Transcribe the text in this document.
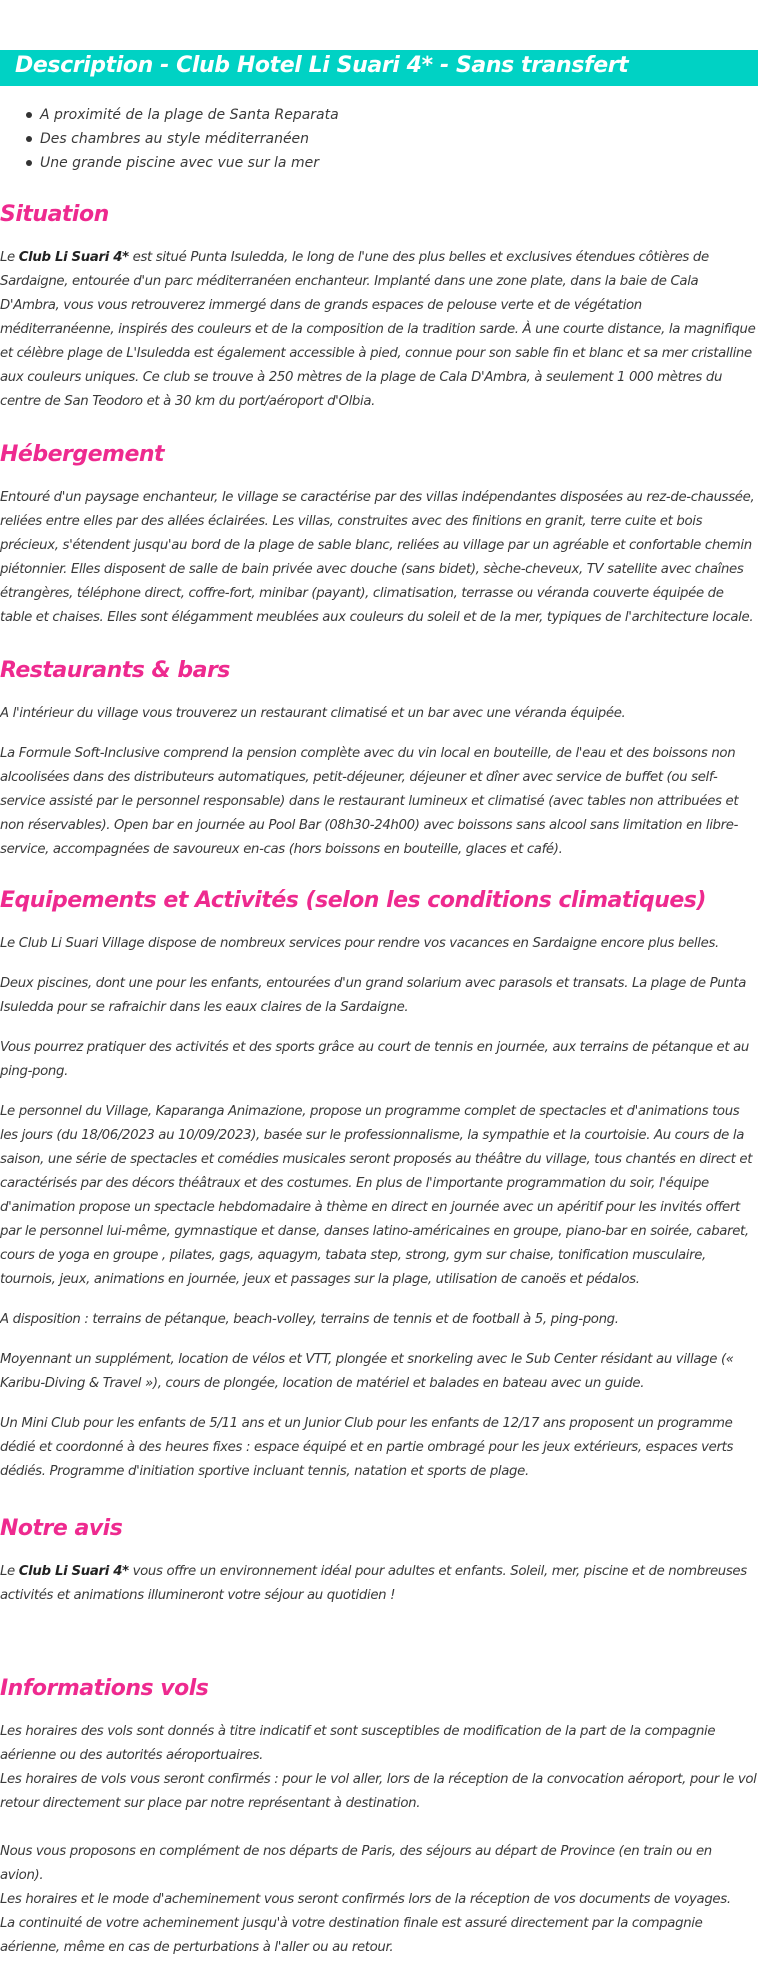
Description - Club Hotel Li Suari 4* - Sans transfert
A proximité de la plage de Santa Reparata
Des chambres au style méditerranéen
Une grande piscine avec vue sur la mer
Situation

Le Club Li Suari 4* est situé Punta Isuledda, le long de l'une des plus belles et exclusives étendues côtières de Sardaigne, entourée d'un parc méditerranéen enchanteur. Implanté dans une zone plate, dans la baie de Cala D'Ambra, vous vous retrouverez immergé dans de grands espaces de pelouse verte et de végétation méditerranéenne, inspirés des couleurs et de la composition de la tradition sarde. À une courte distance, la magnifique et célèbre plage de L'Isuledda est également accessible à pied, connue pour son sable fin et blanc et sa mer cristalline aux couleurs uniques. Ce club se trouve à 250 mètres de la plage de Cala D'Ambra, à seulement 1 000 mètres du centre de San Teodoro et à 30 km du port/aéroport d'Olbia.

Hébergement

Entouré d'un paysage enchanteur, le village se caractérise par des villas indépendantes disposées au rez-de-chaussée, reliées entre elles par des allées éclairées. Les villas, construites avec des finitions en granit, terre cuite et bois précieux, s'étendent jusqu'au bord de la plage de sable blanc, reliées au village par un agréable et confortable chemin piétonnier. Elles disposent de salle de bain privée avec douche (sans bidet), sèche-cheveux, TV satellite avec chaînes étrangères, téléphone direct, coffre-fort, minibar (payant), climatisation, terrasse ou véranda couverte équipée de table et chaises. Elles sont élégamment meublées aux couleurs du soleil et de la mer, typiques de l'architecture locale.

Restaurants & bars

A l'intérieur du village vous trouverez un restaurant climatisé et un bar avec une véranda équipée.

La Formule Soft-Inclusive comprend la pension complète avec du vin local en bouteille, de l'eau et des boissons non alcoolisées dans des distributeurs automatiques, petit-déjeuner, déjeuner et dîner avec service de buffet (ou self-service assisté par le personnel responsable) dans le restaurant lumineux et climatisé (avec tables non attribuées et non réservables). Open bar en journée au Pool Bar (08h30-24h00) avec boissons sans alcool sans limitation en libre-service, accompagnées de savoureux en-cas (hors boissons en bouteille, glaces et café).

Equipements et Activités (selon les conditions climatiques)

Le Club Li Suari Village dispose de nombreux services pour rendre vos vacances en Sardaigne encore plus belles.

Deux piscines, dont une pour les enfants, entourées d'un grand solarium avec parasols et transats. La plage de Punta Isuledda pour se rafraichir dans les eaux claires de la Sardaigne.

Vous pourrez pratiquer des activités et des sports grâce au court de tennis en journée, aux terrains de pétanque et au ping-pong.

Le personnel du Village, Kaparanga Animazione, propose un programme complet de spectacles et d'animations tous les jours (du 18/06/2023 au 10/09/2023), basée sur le professionnalisme, la sympathie et la courtoisie. Au cours de la saison, une série de spectacles et comédies musicales seront proposés au théâtre du village, tous chantés en direct et caractérisés par des décors théâtraux et des costumes. En plus de l'importante programmation du soir, l'équipe d'animation propose un spectacle hebdomadaire à thème en direct en journée avec un apéritif pour les invités offert par le personnel lui-même, gymnastique et danse, danses latino-américaines en groupe, piano-bar en soirée, cabaret, cours de yoga en groupe , pilates, gags, aquagym, tabata step, strong, gym sur chaise, tonification musculaire, tournois, jeux, animations en journée, jeux et passages sur la plage, utilisation de canoës et pédalos.

A disposition : terrains de pétanque, beach-volley, terrains de tennis et de football à 5, ping-pong.

Moyennant un supplément, location de vélos et VTT, plongée et snorkeling avec le Sub Center résidant au village (« Karibu-Diving & Travel »), cours de plongée, location de matériel et balades en bateau avec un guide.

Un Mini Club pour les enfants de 5/11 ans et un Junior Club pour les enfants de 12/17 ans proposent un programme dédié et coordonné à des heures fixes : espace équipé et en partie ombragé pour les jeux extérieurs, espaces verts dédiés. Programme d'initiation sportive incluant tennis, natation et sports de plage.

Notre avis

Le Club Li Suari 4* vous offre un environnement idéal pour adultes et enfants. Soleil, mer, piscine et de nombreuses activités et animations illumineront votre séjour au quotidien !

Informations vols

Les horaires des vols sont donnés à titre indicatif et sont susceptibles de modification de la part de la compagnie aérienne ou des autorités aéroportuaires.
Les horaires de vols vous seront confirmés : pour le vol aller, lors de la réception de la convocation aéroport, pour le vol retour directement sur place par notre représentant à destination.

Nous vous proposons en complément de nos départs de Paris, des séjours au départ de Province (en train ou en avion).
Les horaires et le mode d'acheminement vous seront confirmés lors de la réception de vos documents de voyages.
La continuité de votre acheminement jusqu'à votre destination finale est assuré directement par la compagnie aérienne, même en cas de perturbations à l'aller ou au retour.
